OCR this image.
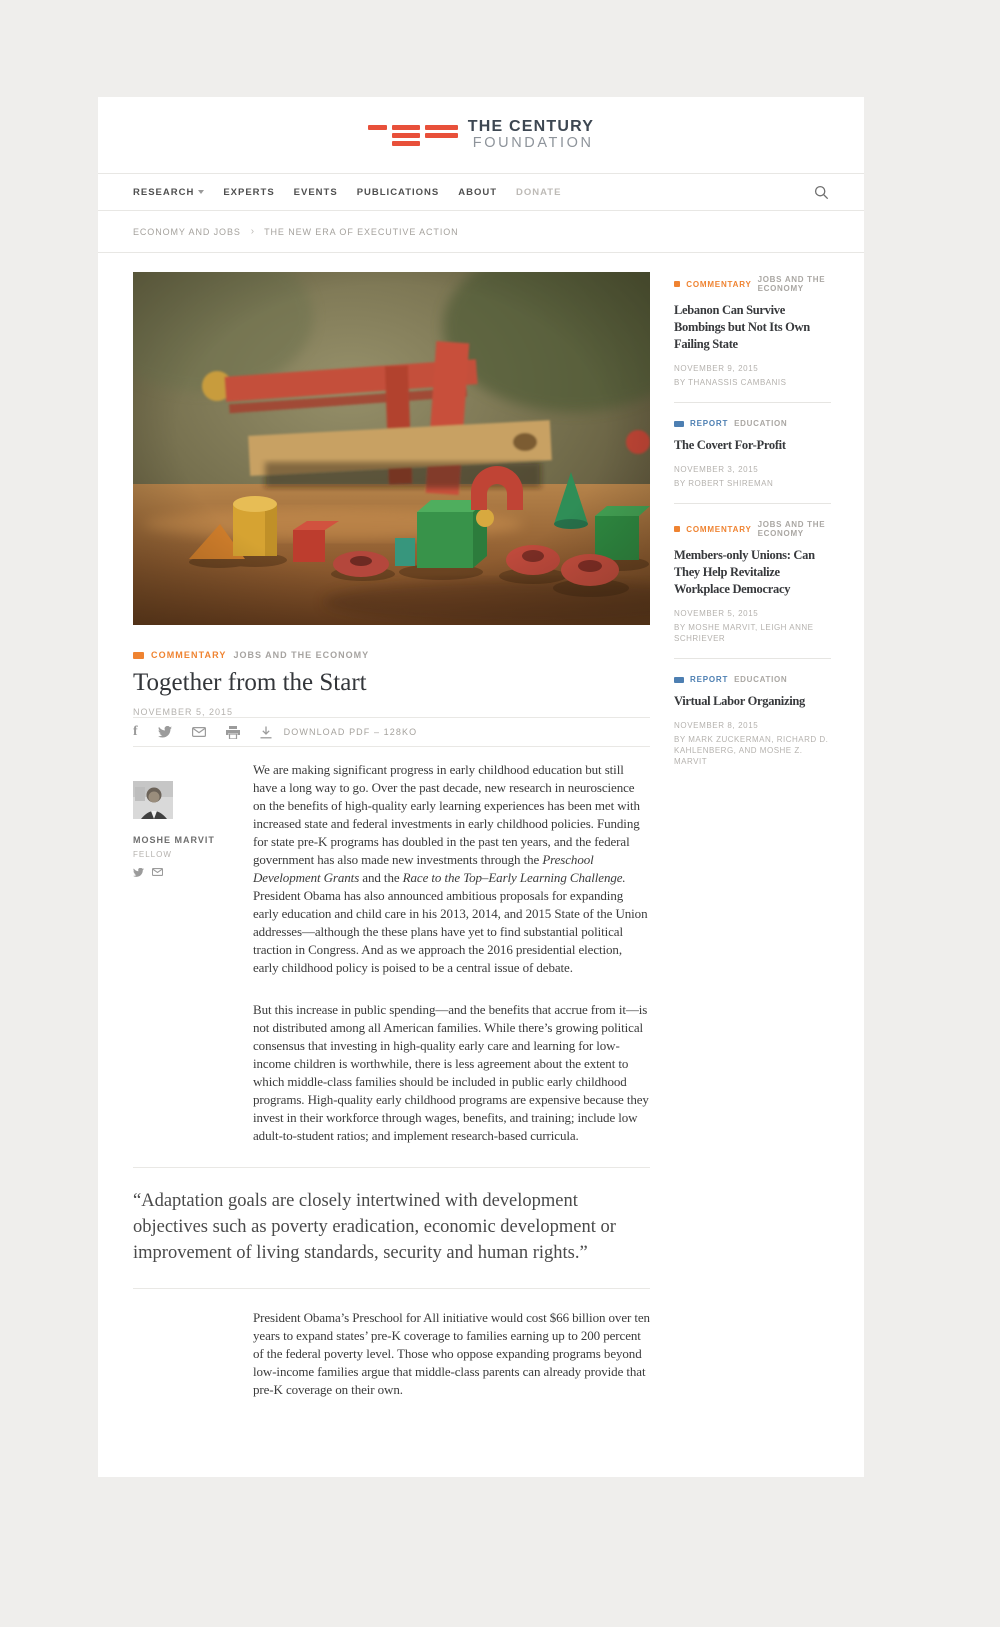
THE CENTURY
FOUNDATION
RESEARCH	EXPERTS EVENTS PUBLICATIONS ABOUT DONATE
ECONOMY AND JOBS › THE NEW ERA OF EXECUTIVE ACTION
COMMENTARY JOBS AND THE ECONOMY
Together from the Start
NOVEMBER 5, 2015
f	DOWNLOAD PDF – 128KO
MOSHE MARVIT
FELLOW

We are making significant progress in early childhood education but still have a long way to go. Over the past decade, new research in neuroscience on the benefits of high-quality early learning experiences has been met with increased state and federal investments in early childhood policies. Funding for state pre-K programs has doubled in the past ten years, and the federal government has also made new investments through the Preschool Development Grants and the Race to the Top–Early Learning Challenge. President Obama has also announced ambitious proposals for expanding early education and child care in his 2013, 2014, and 2015 State of the Union addresses—although the these plans have yet to find substantial political traction in Congress. And as we approach the 2016 presidential election, early childhood policy is poised to be a central issue of debate.

But this increase in public spending—and the benefits that accrue from it—is not distributed among all American families. While there’s growing political consensus that investing in high-quality early care and learning for low-income children is worthwhile, there is less agreement about the extent to which middle-class families should be included in public early childhood programs. High-quality early childhood programs are expensive because they invest in their workforce through wages, benefits, and training; include low adult-to-student ratios; and implement research-based curricula.

“Adaptation goals are closely intertwined with development objectives such as poverty eradication, economic development or improvement of living standards, security and human rights.”

President Obama’s Preschool for All initiative would cost $66 billion over ten years to expand states’ pre-K coverage to families earning up to 200 percent of the federal poverty level. Those who oppose expanding programs beyond low-income families argue that middle-class parents can already provide that pre-K coverage on their own.

COMMENTARY JOBS AND THE ECONOMY
Lebanon Can Survive Bombings but Not Its Own Failing State
NOVEMBER 9, 2015
BY THANASSIS CAMBANIS
REPORT EDUCATION
The Covert For-Profit
NOVEMBER 3, 2015
BY ROBERT SHIREMAN
COMMENTARY JOBS AND THE ECONOMY
Members-only Unions: Can They Help Revitalize Workplace Democracy
NOVEMBER 5, 2015
BY MOSHE MARVIT, LEIGH ANNE SCHRIEVER
REPORT EDUCATION
Virtual Labor Organizing
NOVEMBER 8, 2015
BY MARK ZUCKERMAN, RICHARD D. KAHLENBERG, AND MOSHE Z. MARVIT
